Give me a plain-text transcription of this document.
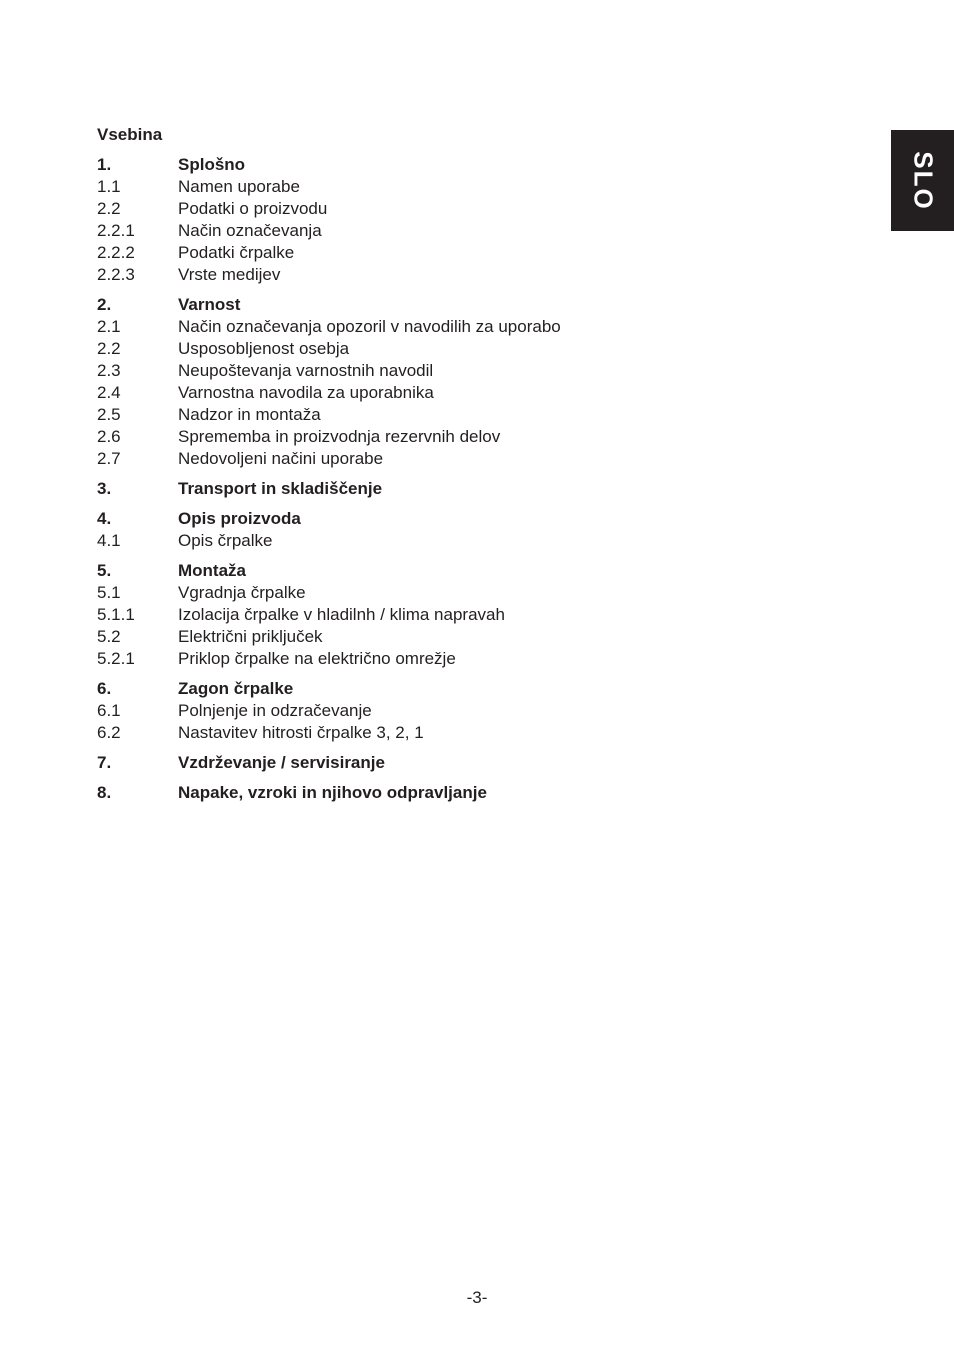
SLO
Vsebina
1.	Splošno
1.1	Namen uporabe
2.2	Podatki o proizvodu
2.2.1	Način označevanja
2.2.2	Podatki črpalke
2.2.3	Vrste medijev
2.	Varnost
2.1	Način označevanja opozoril v navodilih za uporabo
2.2	Usposobljenost osebja
2.3	Neupoštevanja varnostnih navodil
2.4	Varnostna navodila za uporabnika
2.5	Nadzor in montaža
2.6	Sprememba in proizvodnja rezervnih delov
2.7	Nedovoljeni načini uporabe
3.	Transport in skladiščenje
4.	Opis proizvoda
4.1	Opis črpalke
5.	Montaža
5.1	Vgradnja črpalke
5.1.1	Izolacija črpalke v hladilnh / klima napravah
5.2	Električni priključek
5.2.1	Priklop črpalke na električno omrežje
6.	Zagon črpalke
6.1	Polnjenje in odzračevanje
6.2	Nastavitev hitrosti črpalke 3, 2, 1
7.	Vzdrževanje / servisiranje
8.	Napake, vzroki in njihovo odpravljanje
-3-
